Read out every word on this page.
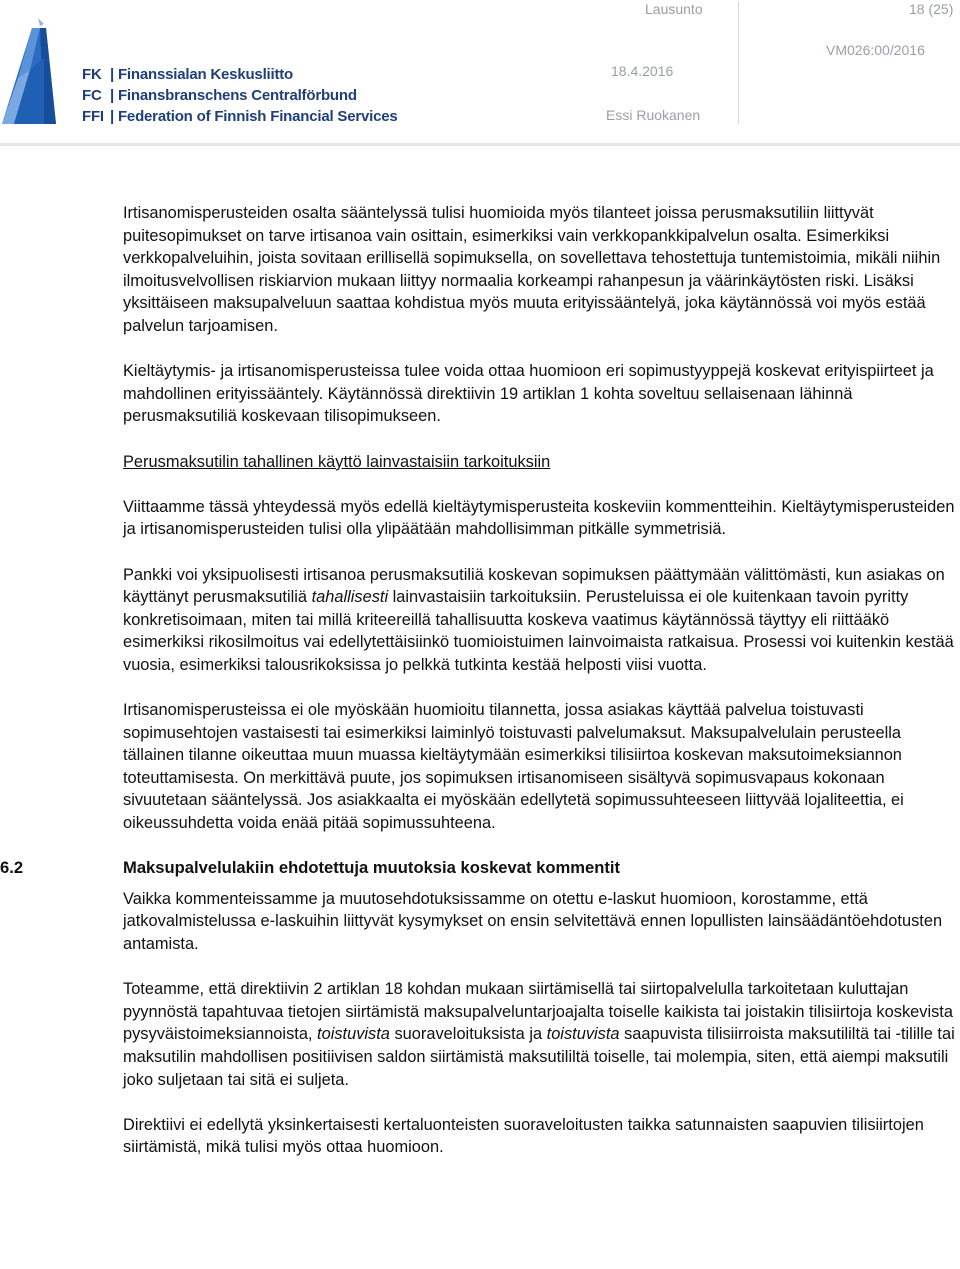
FK | Finanssialan Keskusliitto
FC | Finansbranschens Centralförbund
FFI | Federation of Finnish Financial Services
Lausunto
18.4.2016
Essi Ruokanen
18 (25)
VM026:00/2016

Irtisanomisperusteiden osalta sääntelyssä tulisi huomioida myös tilanteet joissa perusmaksutiliin liittyvät puitesopimukset on tarve irtisanoa vain osittain, esimerkiksi vain verkkopankkipalvelun osalta. Esimerkiksi verkkopalveluihin, joista sovitaan erillisellä sopimuksella, on sovellettava tehostettuja tuntemistoimia, mikäli niihin ilmoitusvelvollisen riskiarvion mukaan liittyy normaalia korkeampi rahanpesun ja väärinkäytösten riski. Lisäksi yksittäiseen maksupalveluun saattaa kohdistua myös muuta erityissääntelyä, joka käytännössä voi myös estää palvelun tarjoamisen.

Kieltäytymis- ja irtisanomisperusteissa tulee voida ottaa huomioon eri sopimustyyppejä koskevat erityispiirteet ja mahdollinen erityissääntely. Käytännössä direktiivin 19 artiklan 1 kohta soveltuu sellaisenaan lähinnä perusmaksutiliä koskevaan tilisopimukseen.

Perusmaksutilin tahallinen käyttö lainvastaisiin tarkoituksiin

Viittaamme tässä yhteydessä myös edellä kieltäytymisperusteita koskeviin kommentteihin. Kieltäytymisperusteiden ja irtisanomisperusteiden tulisi olla ylipäätään mahdollisimman pitkälle symmetrisiä.

Pankki voi yksipuolisesti irtisanoa perusmaksutiliä koskevan sopimuksen päättymään välittömästi, kun asiakas on käyttänyt perusmaksutiliä tahallisesti lainvastaisiin tarkoituksiin. Perusteluissa ei ole kuitenkaan tavoin pyritty konkretisoimaan, miten tai millä kriteereillä tahallisuutta koskeva vaatimus käytännössä täyttyy eli riittääkö esimerkiksi rikosilmoitus vai edellytettäisiinkö tuomioistuimen lainvoimaista ratkaisua. Prosessi voi kuitenkin kestää vuosia, esimerkiksi talousrikoksissa jo pelkkä tutkinta kestää helposti viisi vuotta.

Irtisanomisperusteissa ei ole myöskään huomioitu tilannetta, jossa asiakas käyttää palvelua toistuvasti sopimusehtojen vastaisesti tai esimerkiksi laiminlyö toistuvasti palvelumaksut. Maksupalvelulain perusteella tällainen tilanne oikeuttaa muun muassa kieltäytymään esimerkiksi tilisiirtoa koskevan maksutoimeksiannon toteuttamisesta. On merkittävä puute, jos sopimuksen irtisanomiseen sisältyvä sopimusvapaus kokonaan sivuutetaan sääntelyssä. Jos asiakkaalta ei myöskään edellytetä sopimussuhteeseen liittyvää lojaliteettia, ei oikeussuhdetta voida enää pitää sopimussuhteena.

6.2	Maksupalvelulakiin ehdotettuja muutoksia koskevat kommentit

Vaikka kommenteissamme ja muutosehdotuksissamme on otettu e-laskut huomioon, korostamme, että jatkovalmistelussa e-laskuihin liittyvät kysymykset on ensin selvitettävä ennen lopullisten lainsäädäntöehdotusten antamista.

Toteamme, että direktiivin 2 artiklan 18 kohdan mukaan siirtämisellä tai siirtopalvelulla tarkoitetaan kuluttajan pyynnöstä tapahtuvaa tietojen siirtämistä maksupalveluntarjoajalta toiselle kaikista tai joistakin tilisiirtoja koskevista pysyväistoimeksiannoista, toistuvista suoraveloituksista ja toistuvista saapuvista tilisiirroista maksutililtä tai -tilille tai maksutilin mahdollisen positiivisen saldon siirtämistä maksutililtä toiselle, tai molempia, siten, että aiempi maksutili joko suljetaan tai sitä ei suljeta.

Direktiivi ei edellytä yksinkertaisesti kertaluonteisten suoraveloitusten taikka satunnaisten saapuvien tilisiirtojen siirtämistä, mikä tulisi myös ottaa huomioon.
